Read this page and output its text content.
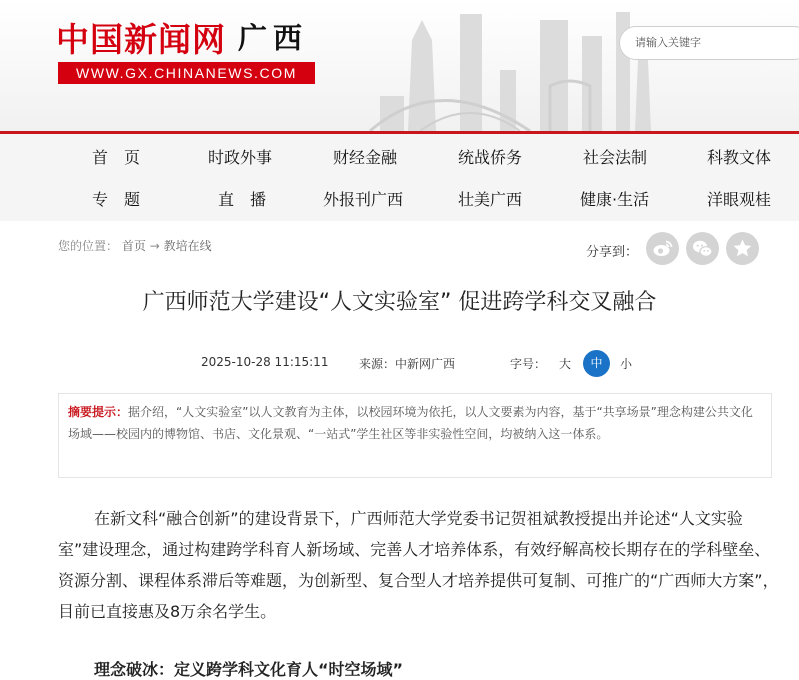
中国新闻网 广西
WWW.GX.CHINANEWS.COM
请输入关键字
首　页	时政外事	财经金融	统战侨务	社会法制	科教文体
专　题	直　播	外报刊广西	壮美广西	健康·生活	洋眼观桂
您的位置： 首页 → 教培在线	分享到：
广西师范大学建设“人文实验室” 促进跨学科交叉融合
2025-10-28 11:15:11	来源：中新网广西	字号： 大	中	小
摘要提示：据介绍，“人文实验室”以人文教育为主体，以校园环境为依托，以人文要素为内容，基于“共享场景”理念构建公共文化场域——校园内的博物馆、书店、文化景观、“一站式”学生社区等非实验性空间，均被纳入这一体系。
在新文科“融合创新”的建设背景下，广西师范大学党委书记贺祖斌教授提出并论述“人文实验室”建设理念，通过构建跨学科育人新场域、完善人才培养体系，有效纾解高校长期存在的学科壁垒、资源分割、课程体系滞后等难题，为创新型、复合型人才培养提供可复制、可推广的“广西师大方案”，目前已直接惠及8万余名学生。
理念破冰：定义跨学科文化育人“时空场域”
